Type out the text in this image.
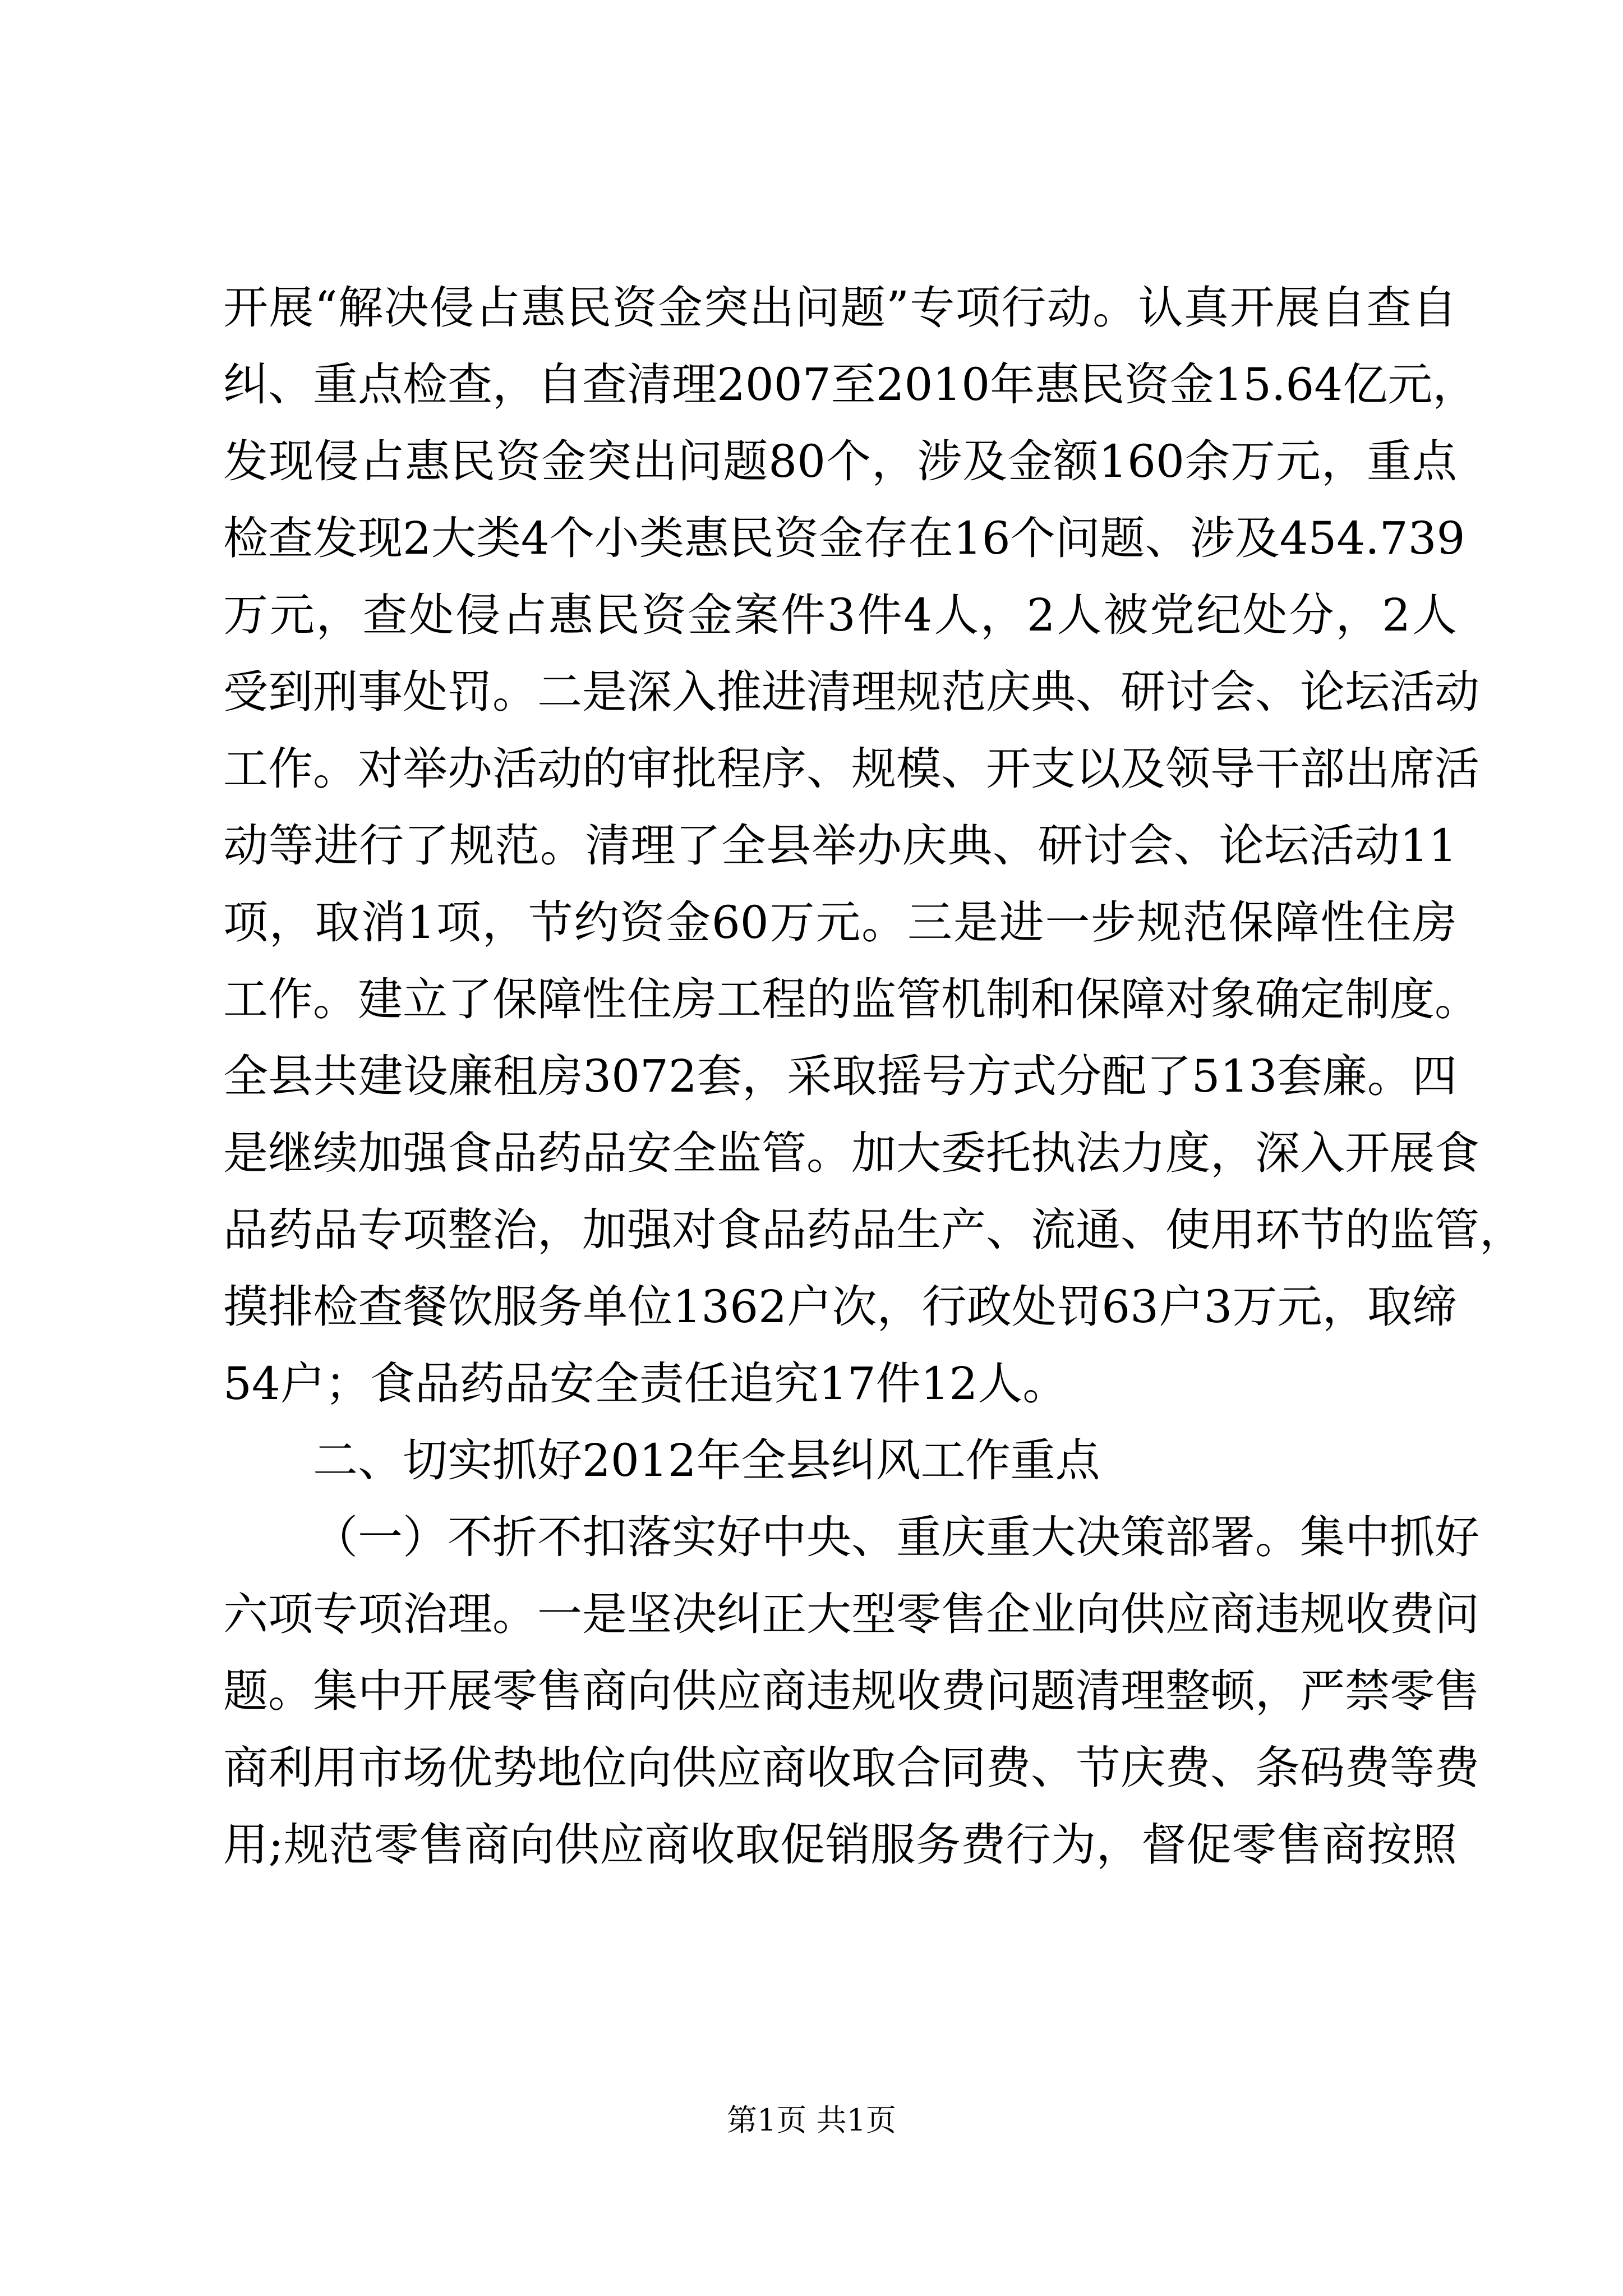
开展“解决侵占惠民资金突出问题”专项行动。认真开展自查自
纠、重点检查，自查清理2007至2010年惠民资金15.64亿元，
发现侵占惠民资金突出问题80个，涉及金额160余万元，重点
检查发现2大类4个小类惠民资金存在16个问题、涉及454.739
万元，查处侵占惠民资金案件3件4人，2人被党纪处分，2人
受到刑事处罚。二是深入推进清理规范庆典、研讨会、论坛活动
工作。对举办活动的审批程序、规模、开支以及领导干部出席活
动等进行了规范。清理了全县举办庆典、研讨会、论坛活动11
项，取消1项，节约资金60万元。三是进一步规范保障性住房
工作。建立了保障性住房工程的监管机制和保障对象确定制度。
全县共建设廉租房3072套，采取摇号方式分配了513套廉。四
是继续加强食品药品安全监管。加大委托执法力度，深入开展食
品药品专项整治，加强对食品药品生产、流通、使用环节的监管，
摸排检查餐饮服务单位1362户次，行政处罚63户3万元，取缔
54户；食品药品安全责任追究17件12人。
二、切实抓好2012年全县纠风工作重点
（一）不折不扣落实好中央、重庆重大决策部署。集中抓好
六项专项治理。一是坚决纠正大型零售企业向供应商违规收费问
题。集中开展零售商向供应商违规收费问题清理整顿，严禁零售
商利用市场优势地位向供应商收取合同费、节庆费、条码费等费
用;规范零售商向供应商收取促销服务费行为，督促零售商按照
第1页 共1页
